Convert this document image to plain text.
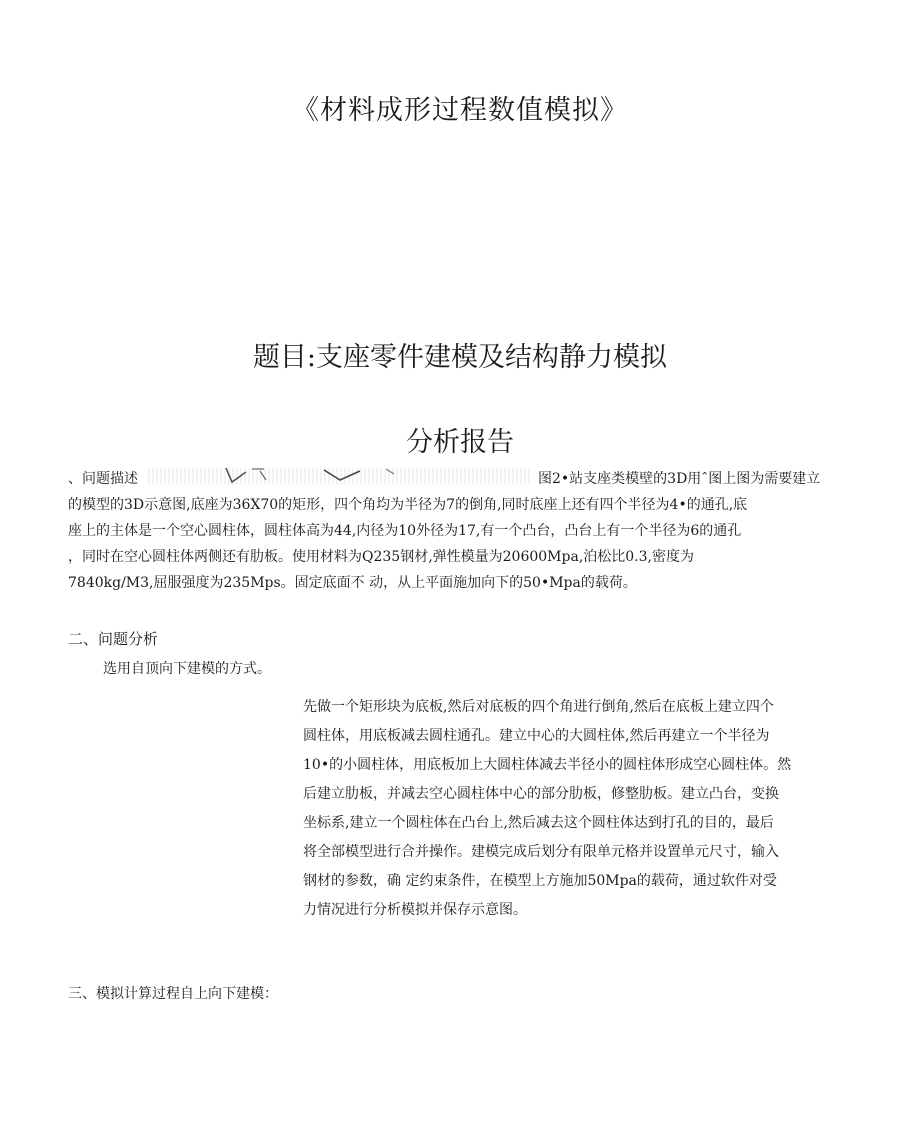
《材料成形过程数值模拟》
题目:支座零件建模及结构静力模拟
分析报告
、问题描述	图2•站支座类模壁的3D用ˆ图上图为需要建立
的模型的3D示意图,底座为36X70的矩形，四个角均为半径为7的倒角,同时底座上还有四个半径为4•的通孔,底
座上的主体是一个空心圆柱体，圆柱体高为44,内径为10外径为17,有一个凸台，凸台上有一个半径为6的通孔
，同时在空心圆柱体两侧还有肋板。使用材料为Q235钢材,弹性模量为20600Mpa,泊松比0.3,密度为
7840kg/M3,屈服强度为235Mps。固定底面不 动，从上平面施加向下的50•Mpa的载荷。
二、问题分析
选用自顶向下建模的方式。
先做一个矩形块为底板,然后对底板的四个角进行倒角,然后在底板上建立四个
圆柱体，用底板减去圆柱通孔。建立中心的大圆柱体,然后再建立一个半径为
10•的小圆柱体，用底板加上大圆柱体减去半径小的圆柱体形成空心圆柱体。然
后建立肋板，并减去空心圆柱体中心的部分肋板，修整肋板。建立凸台，变换
坐标系,建立一个圆柱体在凸台上,然后减去这个圆柱体达到打孔的目的，最后
将全部模型进行合并操作。建模完成后划分有限单元格并设置单元尺寸，输入
钢材的参数，确 定约束条件，在模型上方施加50Mpa的载荷，通过软件对受
力情况进行分析模拟并保存示意图。
三、模拟计算过程自上向下建模：
